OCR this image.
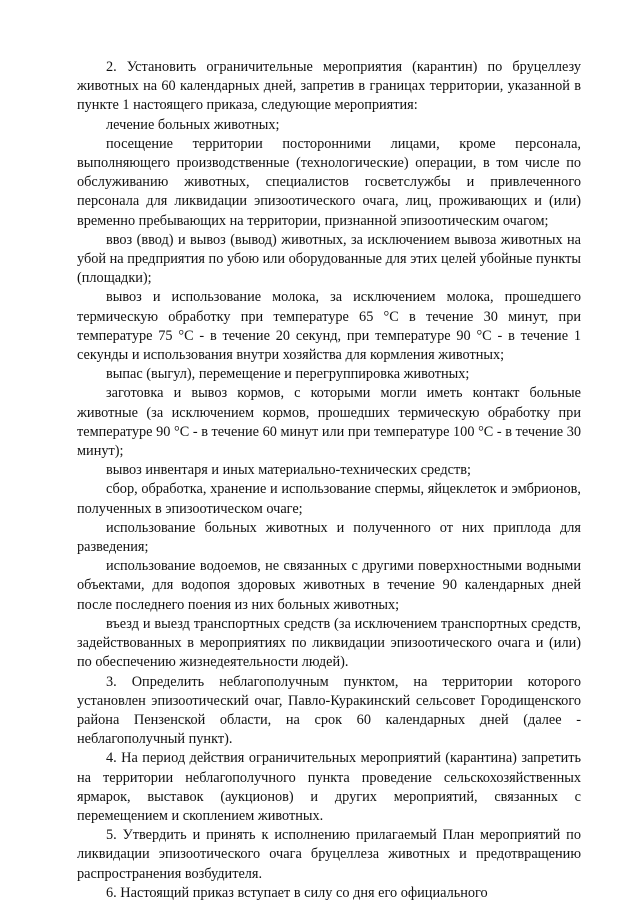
2. Установить ограничительные мероприятия (карантин) по бруцеллезу животных на 60 календарных дней, запретив в границах территории, указанной в пункте 1 настоящего приказа, следующие мероприятия:

лечение больных животных;

посещение территории посторонними лицами, кроме персонала, выполняющего производственные (технологические) операции, в том числе по обслуживанию животных, специалистов госветслужбы и привлеченного персонала для ликвидации эпизоотического очага, лиц, проживающих и (или) временно пребывающих на территории, признанной эпизоотическим очагом;

ввоз (ввод) и вывоз (вывод) животных, за исключением вывоза животных на убой на предприятия по убою или оборудованные для этих целей убойные пункты (площадки);

вывоз и использование молока, за исключением молока, прошедшего термическую обработку при температуре 65 °С в течение 30 минут, при температуре 75 °С - в течение 20 секунд, при температуре 90 °С - в течение 1 секунды и использования внутри хозяйства для кормления животных;

выпас (выгул), перемещение и перегруппировка животных;

заготовка и вывоз кормов, с которыми могли иметь контакт больные животные (за исключением кормов, прошедших термическую обработку при температуре 90 °С - в течение 60 минут или при температуре 100 °С - в течение 30 минут);

вывоз инвентаря и иных материально-технических средств;

сбор, обработка, хранение и использование спермы, яйцеклеток и эмбрионов, полученных в эпизоотическом очаге;

использование больных животных и полученного от них приплода для разведения;

использование водоемов, не связанных с другими поверхностными водными объектами, для водопоя здоровых животных в течение 90 календарных дней после последнего поения из них больных животных;

въезд и выезд транспортных средств (за исключением транспортных средств, задействованных в мероприятиях по ликвидации эпизоотического очага и (или) по обеспечению жизнедеятельности людей).

3. Определить неблагополучным пунктом, на территории которого установлен эпизоотический очаг, Павло-Куракинский сельсовет Городищенского района Пензенской области, на срок 60 календарных дней (далее - неблагополучный пункт).

4. На период действия ограничительных мероприятий (карантина) запретить на территории неблагополучного пункта проведение сельскохозяйственных ярмарок, выставок (аукционов) и других мероприятий, связанных с перемещением и скоплением животных.

5. Утвердить и принять к исполнению прилагаемый План мероприятий по ликвидации эпизоотического очага бруцеллеза животных и предотвращению распространения возбудителя.

6. Настоящий приказ вступает в силу со дня его официального
